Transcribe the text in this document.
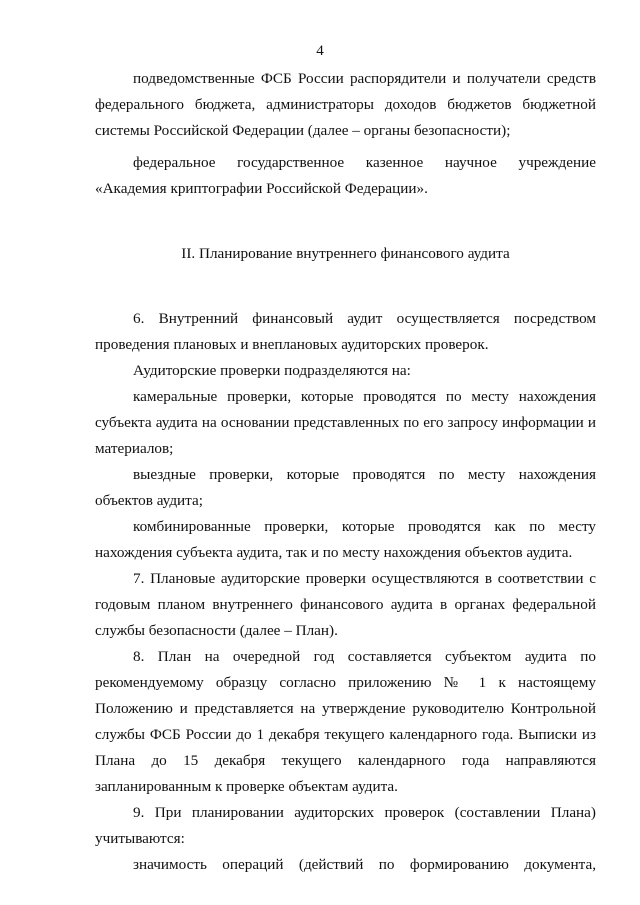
4

подведомственные ФСБ России распорядители и получатели средств федерального бюджета, администраторы доходов бюджетов бюджетной системы Российской Федерации (далее – органы безопасности);

федеральное государственное казенное научное учреждение «Академия криптографии Российской Федерации».

II. Планирование внутреннего финансового аудита

6. Внутренний финансовый аудит осуществляется посредством проведения плановых и внеплановых аудиторских проверок.

Аудиторские проверки подразделяются на:

камеральные проверки, которые проводятся по месту нахождения субъекта аудита на основании представленных по его запросу информации и материалов;

выездные проверки, которые проводятся по месту нахождения объектов аудита;

комбинированные проверки, которые проводятся как по месту нахождения субъекта аудита, так и по месту нахождения объектов аудита.

7. Плановые аудиторские проверки осуществляются в соответствии с годовым планом внутреннего финансового аудита в органах федеральной службы безопасности (далее – План).

8. План на очередной год составляется субъектом аудита по рекомендуемому образцу согласно приложению № 1 к настоящему Положению и представляется на утверждение руководителю Контрольной службы ФСБ России до 1 декабря текущего календарного года. Выписки из Плана до 15 декабря текущего календарного года направляются запланированным к проверке объектам аудита.

9. При планировании аудиторских проверок (составлении Плана) учитываются:

значимость операций (действий по формированию документа,
